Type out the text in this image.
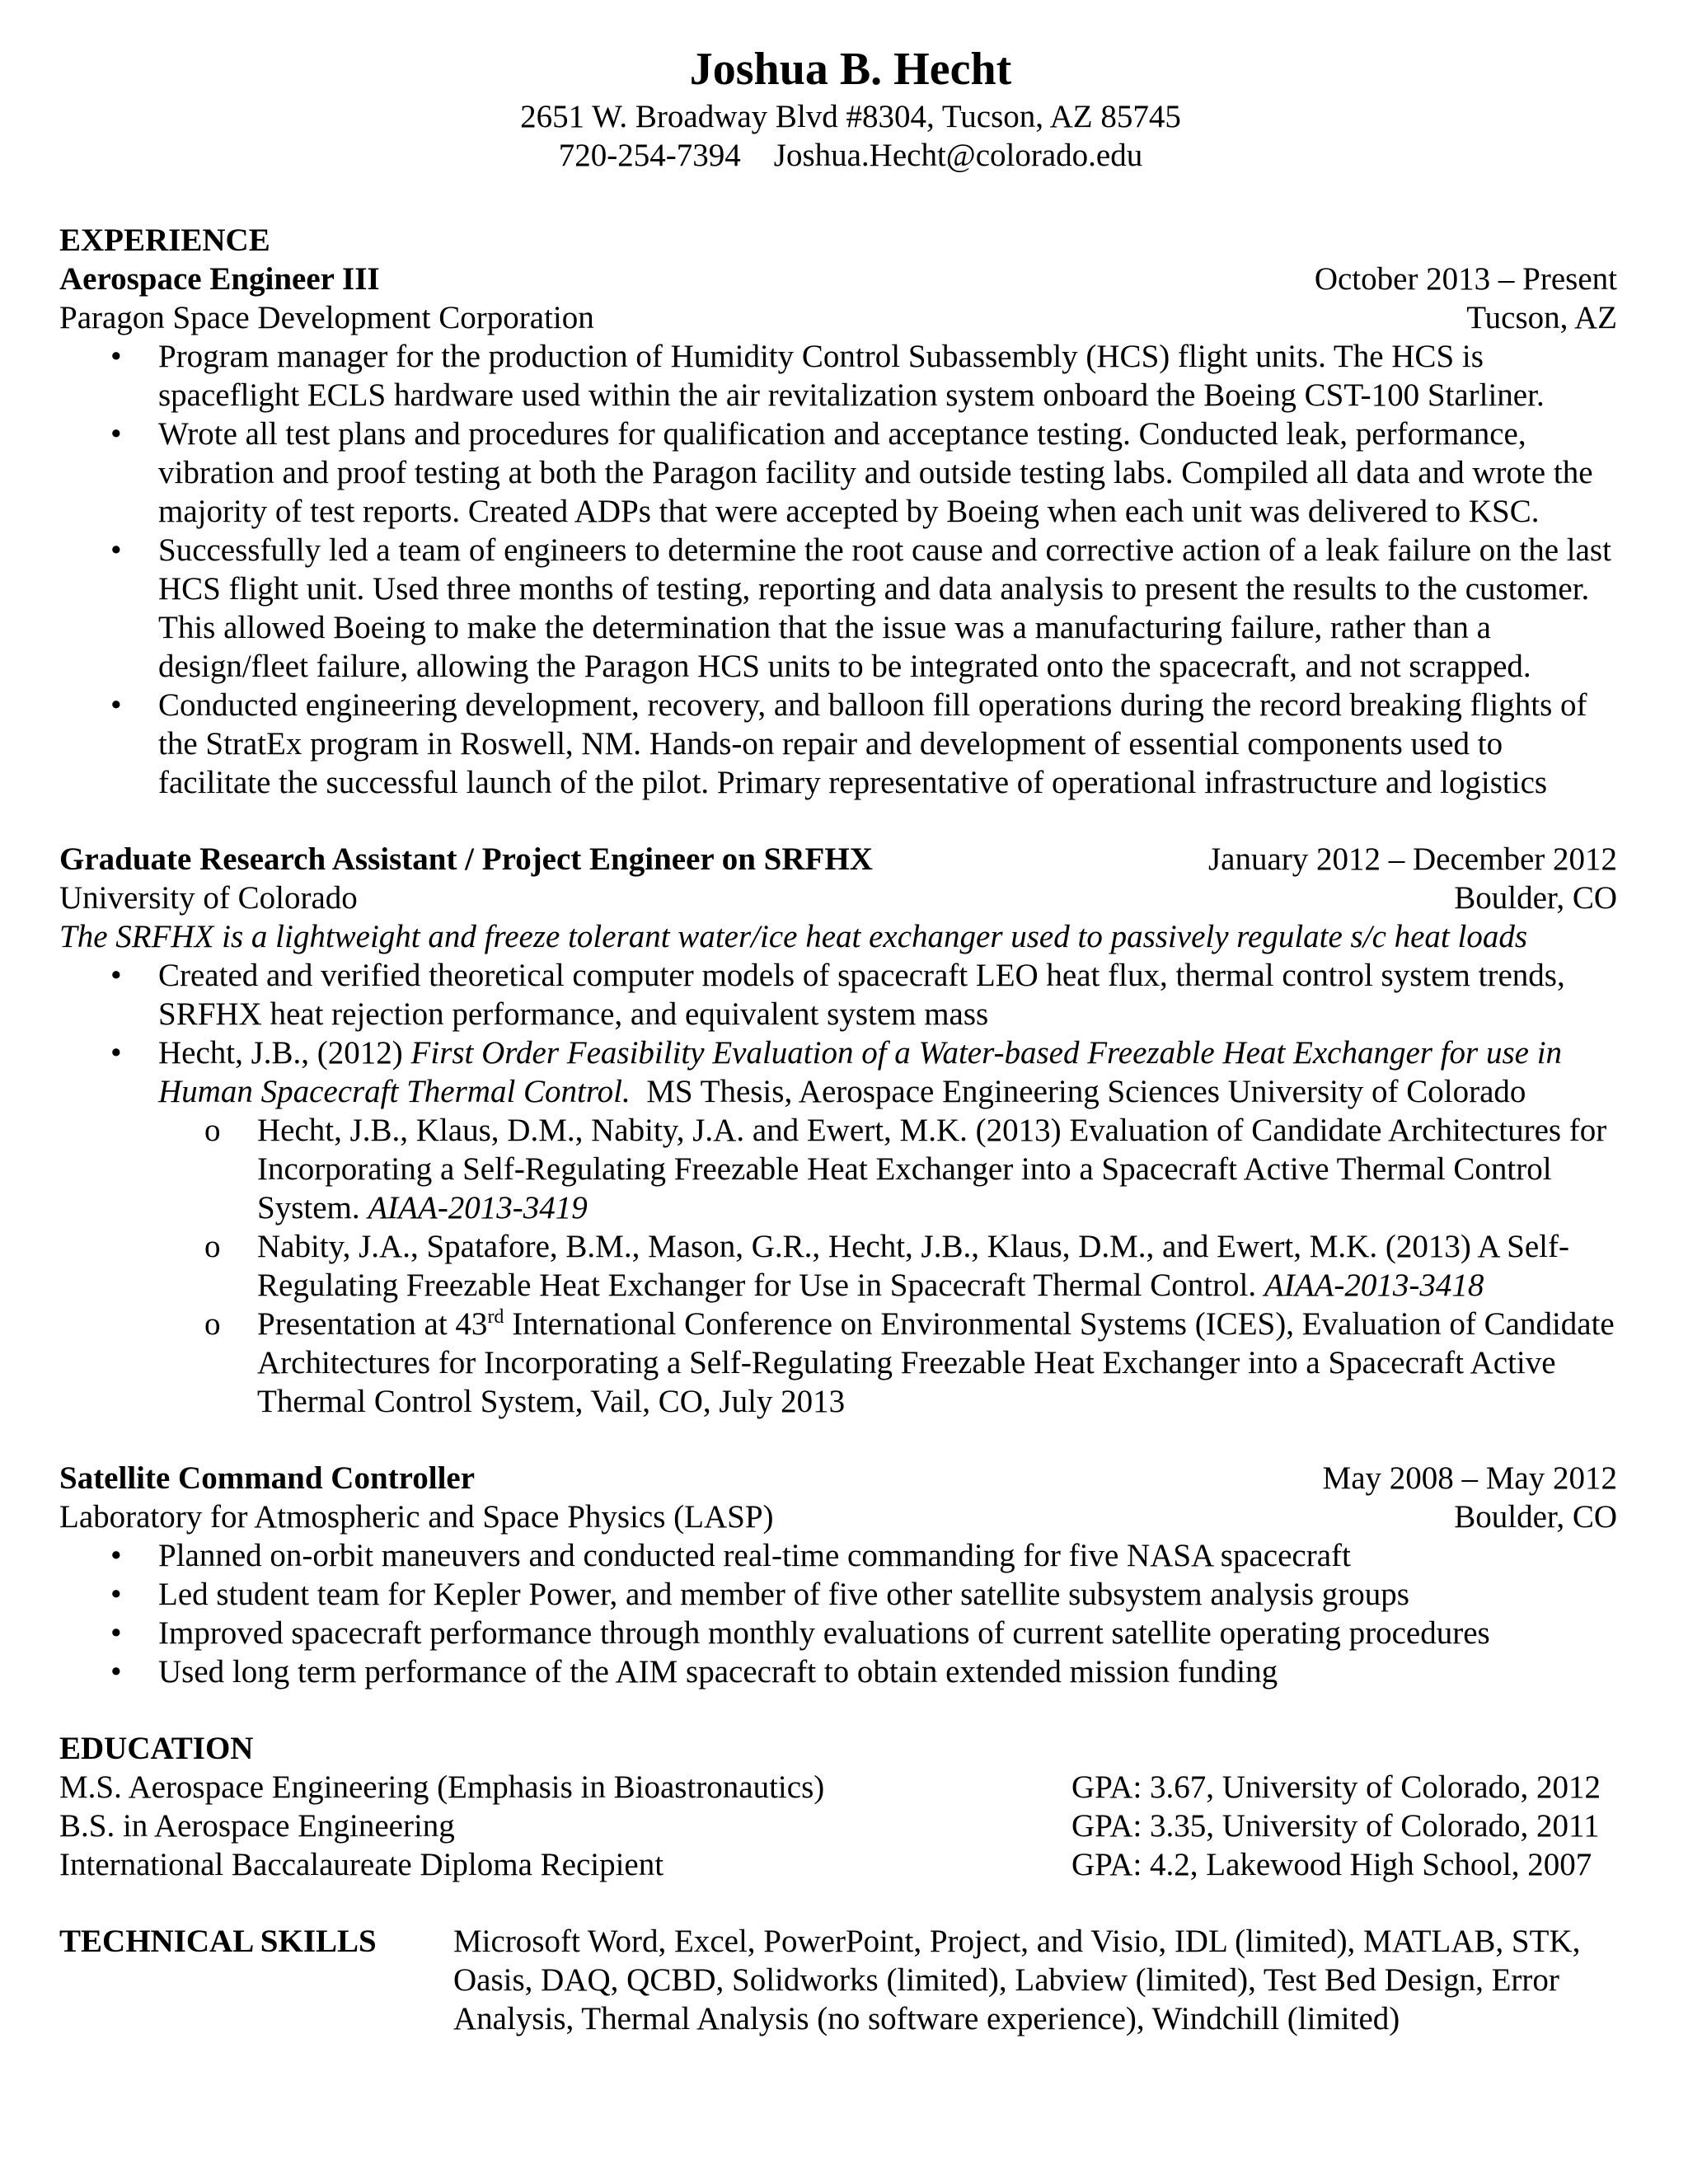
Joshua B. Hecht
2651 W. Broadway Blvd #8304, Tucson, AZ 85745
720-254-7394 Joshua.Hecht@colorado.edu
EXPERIENCE
Aerospace Engineer III	October 2013 – Present
Paragon Space Development Corporation	Tucson, AZ
• Program manager for the production of Humidity Control Subassembly (HCS) flight units. The HCS is spaceflight ECLS hardware used within the air revitalization system onboard the Boeing CST-100 Starliner.
• Wrote all test plans and procedures for qualification and acceptance testing. Conducted leak, performance, vibration and proof testing at both the Paragon facility and outside testing labs. Compiled all data and wrote the majority of test reports. Created ADPs that were accepted by Boeing when each unit was delivered to KSC.
• Successfully led a team of engineers to determine the root cause and corrective action of a leak failure on the last HCS flight unit. Used three months of testing, reporting and data analysis to present the results to the customer. This allowed Boeing to make the determination that the issue was a manufacturing failure, rather than a design/fleet failure, allowing the Paragon HCS units to be integrated onto the spacecraft, and not scrapped.
• Conducted engineering development, recovery, and balloon fill operations during the record breaking flights of the StratEx program in Roswell, NM. Hands-on repair and development of essential components used to facilitate the successful launch of the pilot. Primary representative of operational infrastructure and logistics
Graduate Research Assistant / Project Engineer on SRFHX	January 2012 – December 2012
University of Colorado	Boulder, CO
The SRFHX is a lightweight and freeze tolerant water/ice heat exchanger used to passively regulate s/c heat loads
• Created and verified theoretical computer models of spacecraft LEO heat flux, thermal control system trends, SRFHX heat rejection performance, and equivalent system mass
• Hecht, J.B., (2012) First Order Feasibility Evaluation of a Water-based Freezable Heat Exchanger for use in Human Spacecraft Thermal Control.  MS Thesis, Aerospace Engineering Sciences University of Colorado
o Hecht, J.B., Klaus, D.M., Nabity, J.A. and Ewert, M.K. (2013) Evaluation of Candidate Architectures for Incorporating a Self-Regulating Freezable Heat Exchanger into a Spacecraft Active Thermal Control System. AIAA-2013-3419
o Nabity, J.A., Spatafore, B.M., Mason, G.R., Hecht, J.B., Klaus, D.M., and Ewert, M.K. (2013) A Self-Regulating Freezable Heat Exchanger for Use in Spacecraft Thermal Control. AIAA-2013-3418
o Presentation at 43rd International Conference on Environmental Systems (ICES), Evaluation of Candidate Architectures for Incorporating a Self-Regulating Freezable Heat Exchanger into a Spacecraft Active Thermal Control System, Vail, CO, July 2013
Satellite Command Controller	May 2008 – May 2012
Laboratory for Atmospheric and Space Physics (LASP)	Boulder, CO
• Planned on-orbit maneuvers and conducted real-time commanding for five NASA spacecraft
• Led student team for Kepler Power, and member of five other satellite subsystem analysis groups
• Improved spacecraft performance through monthly evaluations of current satellite operating procedures
• Used long term performance of the AIM spacecraft to obtain extended mission funding
EDUCATION
M.S. Aerospace Engineering (Emphasis in Bioastronautics)	GPA: 3.67, University of Colorado, 2012
B.S. in Aerospace Engineering	GPA: 3.35, University of Colorado, 2011
International Baccalaureate Diploma Recipient	GPA: 4.2, Lakewood High School, 2007
TECHNICAL SKILLS	Microsoft Word, Excel, PowerPoint, Project, and Visio, IDL (limited), MATLAB, STK, Oasis, DAQ, QCBD, Solidworks (limited), Labview (limited), Test Bed Design, Error Analysis, Thermal Analysis (no software experience), Windchill (limited)
